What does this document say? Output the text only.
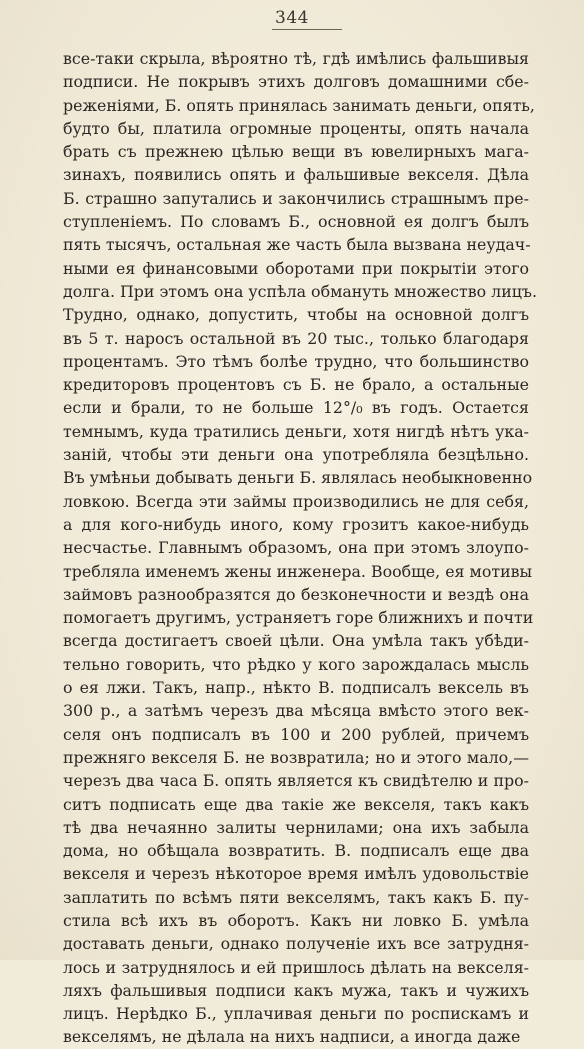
344
все-таки скрыла, вѣроятно тѣ, гдѣ имѣлись фальшивыя
подписи. Не покрывъ этихъ долговъ домашними сбе-
реженіями, Б. опять принялась занимать деньги, опять,
будто бы, платила огромные проценты, опять начала
брать съ прежнею цѣлью вещи въ ювелирныхъ мага-
зинахъ, появились опять и фальшивые векселя. Дѣла
Б. страшно запутались и закончились страшнымъ пре-
ступленіемъ. По словамъ Б., основной ея долгъ былъ
пять тысячъ, остальная же часть была вызвана неудач-
ными ея финансовыми оборотами при покрытіи этого
долга. При этомъ она успѣла обмануть множество лицъ.
Трудно, однако, допустить, чтобы на основной долгъ
въ 5 т. наросъ остальной въ 20 тыс., только благодаря
процентамъ. Это тѣмъ болѣе трудно, что большинство
кредиторовъ процентовъ съ Б. не брало, а остальные
если и брали, то не больше 12°/₀ въ годъ. Остается
темнымъ, куда тратились деньги, хотя нигдѣ нѣтъ ука-
заній, чтобы эти деньги она употребляла безцѣльно.
Въ умѣньи добывать деньги Б. являлась необыкновенно
ловкою. Всегда эти займы производились не для себя,
а для кого-нибудь иного, кому грозитъ какое-нибудь
несчастье. Главнымъ образомъ, она при этомъ злоупо-
требляла именемъ жены инженера. Вообще, ея мотивы
займовъ разнообразятся до безконечности и вездѣ она
помогаетъ другимъ, устраняетъ горе ближнихъ и почти
всегда достигаетъ своей цѣли. Она умѣла такъ убѣди-
тельно говорить, что рѣдко у кого зарождалась мысль
о ея лжи. Такъ, напр., нѣкто В. подписалъ вексель въ
300 р., а затѣмъ черезъ два мѣсяца вмѣсто этого век-
селя онъ подписалъ въ 100 и 200 рублей, причемъ
прежняго векселя Б. не возвратила; но и этого мало,—
черезъ два часа Б. опять является къ свидѣтелю и про-
ситъ подписать еще два такіе же векселя, такъ какъ
тѣ два нечаянно залиты чернилами; она ихъ забыла
дома, но обѣщала возвратить. В. подписалъ еще два
векселя и черезъ нѣкоторое время имѣлъ удовольствіе
заплатить по всѣмъ пяти векселямъ, такъ какъ Б. пу-
стила всѣ ихъ въ оборотъ. Какъ ни ловко Б. умѣла
доставать деньги, однако полученіе ихъ все затрудня-
лось и затруднялось и ей пришлось дѣлать на векселя-
ляхъ фальшивыя подписи какъ мужа, такъ и чужихъ
лицъ. Нерѣдко Б., уплачивая деньги по роспискамъ и
векселямъ, не дѣлала на нихъ надписи, а иногда даже
